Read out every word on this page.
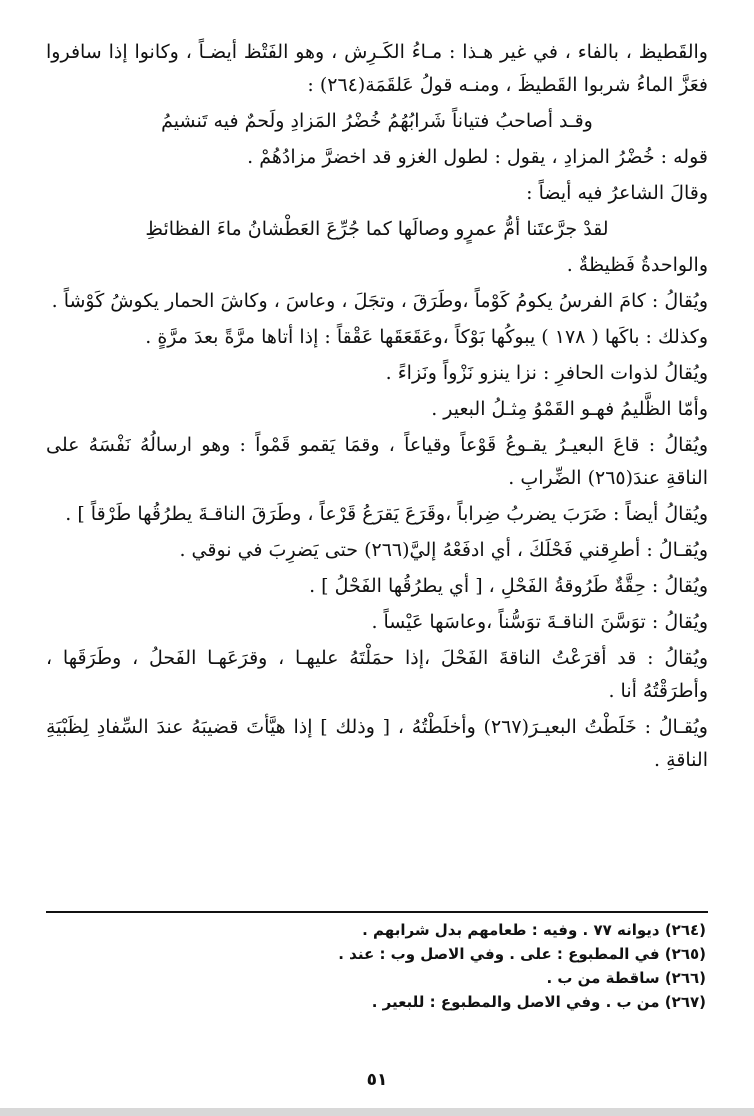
والقَطيظ ، بالفاء ، في غير هـذا : مـاءُ الكَـرِش ، وهو الفَتْظ أيضـاً ، وكانوا إذا سافروا فعَزَّ الماءُ شربوا القَطيظَ ، ومنـه قولُ عَلقَمَة(٢٦٤) :

وقـد أصاحبُ فتياناً شَرابُهُمُ خُضْرُ المَزادِ ولَحمٌ فيه تَنشيمُ

قوله : خُضْرُ المزادِ ، يقول : لطول الغزو قد اخضرَّ مزادُهُمْ .

وقالَ الشاعرُ فيه أيضاً :

لقدْ جرَّعتَنا أمُّ عمرٍو وصالَها كما جُرِّعَ العَطْشانُ ماءَ الفظائظِ

والواحدةُ فَظيظةٌ .

ويُقالُ : كامَ الفرسُ يكومُ كَوْماً ،وطَرَقَ ، وتجَلَ ، وعاسَ ، وكاشَ الحمار يكوشُ كَوْشاً .

وكذلك : باكَها ( ١٧٨ ) يبوكُها بَوْكاً ،وعَقَعَقَها عَقْقاً : إذا أتاها مرَّةً بعدَ مرَّةٍ .

ويُقالُ لذوات الحافرِ : نزا ينزو نَزْواً ونَزاءً .

وأمّا الظَّليمُ فهـو القَمْوُ مِثـلُ البعير .

ويُقالُ : قاعَ البعيـرُ يقـوعُ قَوْعاً وقياعاً ، وقمَا يَقمو قَمْواً : وهو ارسالُهُ نَفْسَهُ على الناقةِ عندَ(٢٦٥) الضِّرابِ .

ويُقالُ أيضاً : ضَرَبَ يضربُ ضِراباً ،وقَرَعَ يَقرَعُ قَرْعاً ، وطَرَقَ الناقـةَ يطرُقُها طَرْقاً ] .

ويُقـالُ : أطرِقني فَحْلَكَ ، أي ادفَعْهُ إليَّ(٢٦٦) حتى يَضرِبَ في نوقي .

ويُقالُ : حِقَّةٌ طَرُوقةُ الفَحْلِ ، [ أي يطرُقُها الفَحْلُ ] .

ويُقالُ : توَسَّنَ الناقـةَ توَسُّناً ،وعاسَها عَيْساً .

ويُقالُ : قد أقرَعْتُ الناقةَ الفَحْلَ ،إذا حمَلْتَهُ عليهـا ، وقرَعَهـا الفَحلُ ، وطَرَقَها ، وأطرَقْتُهُ أنا .

ويُقـالُ : خَلَطْتُ البعيـرَ(٢٦٧) وأخلَطْتُهُ ، [ وذلك ] إذا هيَّأتَ قضيبَهُ عندَ السِّفادِ لِظَبْيَةِ الناقةِ .

(٢٦٤) ديوانه ٧٧ . وفيه : طعامهم بدل شرابهم .
(٢٦٥) في المطبوع : على . وفي الاصل وب : عند .
(٢٦٦) ساقطة من ب .
(٢٦٧) من ب . وفي الاصل والمطبوع : للبعير .
٥١
